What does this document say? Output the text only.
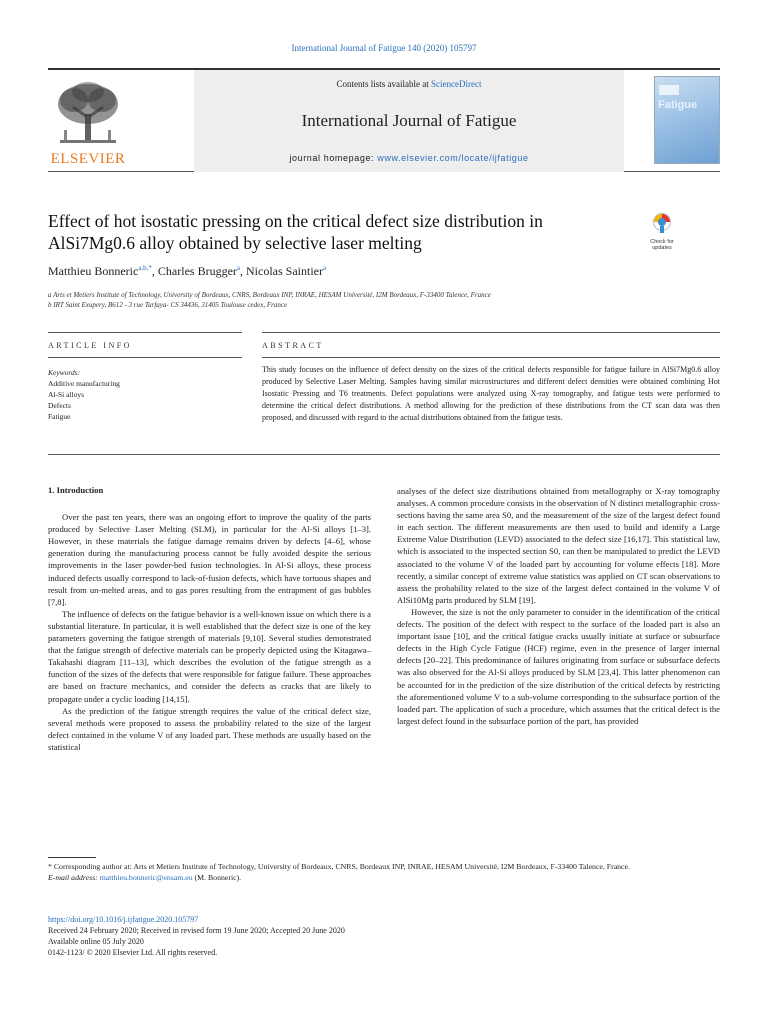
International Journal of Fatigue 140 (2020) 105797
ELSEVIER
Contents lists available at ScienceDirect
International Journal of Fatigue
journal homepage: www.elsevier.com/locate/ijfatigue
Fatigue
Effect of hot isostatic pressing on the critical defect size distribution in AlSi7Mg0.6 alloy obtained by selective laser melting	Check for
updates
Matthieu Bonneric$^{a,b,*}$, Charles Brugger$^a$, Nicolas Saintier$^a$
a Arts et Metiers Institute of Technology, University of Bordeaux, CNRS, Bordeaux INP, INRAE, HESAM Université, I2M Bordeaux, F-33400 Talence, France
b IRT Saint Exupery, B612 - 3 rue Tarfaya- CS 34436, 31405 Toulouse cedex, France
ARTICLE INFO	ABSTRACT
Keywords:
Additive manufacturing
Al-Si alloys
Defects
Fatigue
This study focuses on the influence of defect density on the sizes of the critical defects responsible for fatigue failure in AlSi7Mg0.6 alloy produced by Selective Laser Melting. Samples having similar microstructures and different defect densities were obtained combining Hot Isostatic Pressing and T6 treatments. Defect populations were analyzed using X-ray tomography, and fatigue tests were performed to determine the critical defect distributions. A method allowing for the prediction of these distributions from the CT scan data was then proposed, and discussed with regard to the actual distributions obtained from the fatigue tests.
1. Introduction

Over the past ten years, there was an ongoing effort to improve the quality of the parts produced by Selective Laser Melting (SLM), in particular for the Al-Si alloys [1–3]. However, in these materials the fatigue damage remains driven by defects [4–6], whose generation during the manufacturing process cannot be fully avoided despite the serious improvements in the laser powder-bed fusion technologies. In Al-Si alloys, these process induced defects usually correspond to lack-of-fusion defects, which have tortuous shapes and result from un-melted areas, and to gas pores resulting from the entrapment of gas bubbles [7,8].

The influence of defects on the fatigue behavior is a well-known issue on which there is a substantial literature. In particular, it is well established that the defect size is one of the key parameters governing the fatigue strength of materials [9,10]. Several studies demonstrated that the fatigue strength of defective materials can be properly depicted using the Kitagawa–Takahashi diagram [11–13], which describes the evolution of the fatigue strength as a function of the sizes of the defects that were responsible for fatigue failure. These approaches are based on fracture mechanics, and consider the defects as cracks that are likely to propagate under a cyclic loading [14,15].

As the prediction of the fatigue strength requires the value of the critical defect size, several methods were proposed to assess the probability related to the size of the largest defect contained in the volume V of any loaded part. These methods are usually based on the statistical

analyses of the defect size distributions obtained from metallography or X-ray tomography analyses. A common procedure consists in the observation of N distinct metallographic cross-sections having the same area S0, and the measurement of the size of the largest defect found in each section. The different measurements are then used to build and identify a Large Extreme Value Distribution (LEVD) associated to the defect size [16,17]. This statistical law, which is associated to the inspected section S0, can then be manipulated to predict the LEVD associated to the volume V of the loaded part by accounting for volume effects [18]. More recently, a similar concept of extreme value statistics was applied on CT scan observations to assess the probability related to the size of the largest defect contained in the volume V of AlSi10Mg parts produced by SLM [19].

However, the size is not the only parameter to consider in the identification of the critical defects. The position of the defect with respect to the surface of the loaded part is also an important issue [10], and the critical fatigue cracks usually initiate at surface or subsurface defects in the High Cycle Fatigue (HCF) regime, even in the presence of larger internal defects [20–22]. This predominance of failures originating from surface or subsurface defects was also observed for the Al-Si alloys produced by SLM [23,4]. This latter phenomenon can be accounted for in the prediction of the size distribution of the critical defects by restricting the aforementioned volume V to a sub-volume corresponding to the subsurface portion of the loaded part. The application of such a procedure, which assumes that the critical defect is the largest defect found in the subsurface portion of the part, has provided

* Corresponding author at: Arts et Metiers Institute of Technology, University of Bordeaux, CNRS, Bordeaux INP, INRAE, HESAM Université, I2M Bordeaux, F-33400 Talence, France.
E-mail address: matthieu.bonneric@ensam.eu (M. Bonneric).
https://doi.org/10.1016/j.ijfatigue.2020.105797
Received 24 February 2020; Received in revised form 19 June 2020; Accepted 20 June 2020
Available online 05 July 2020
0142-1123/ © 2020 Elsevier Ltd. All rights reserved.
